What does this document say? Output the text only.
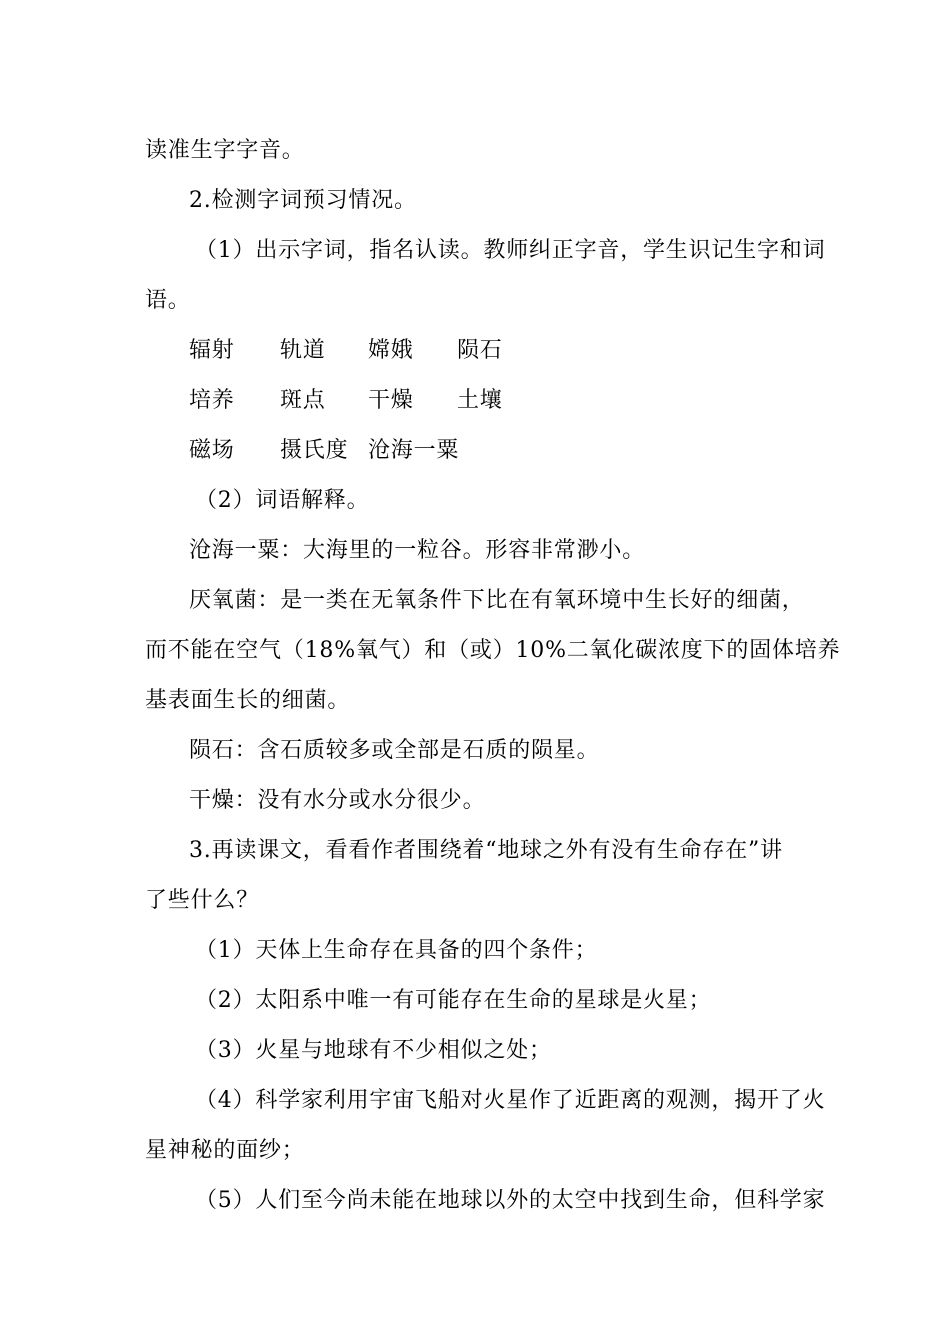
读准生字字音。
2.检测字词预习情况。
（1）出示字词，指名认读。教师纠正字音，学生识记生字和词
语。
辐射 轨道 嫦娥 陨石
培养 斑点 干燥 土壤
磁场 摄氏度 沧海一粟
（2）词语解释。
沧海一粟：大海里的一粒谷。形容非常渺小。
厌氧菌：是一类在无氧条件下比在有氧环境中生长好的细菌，
而不能在空气（18%氧气）和（或）10%二氧化碳浓度下的固体培养
基表面生长的细菌。
陨石：含石质较多或全部是石质的陨星。
干燥：没有水分或水分很少。
3.再读课文，看看作者围绕着“地球之外有没有生命存在”讲
了些什么？
（1）天体上生命存在具备的四个条件；
（2）太阳系中唯一有可能存在生命的星球是火星；
（3）火星与地球有不少相似之处；
（4）科学家利用宇宙飞船对火星作了近距离的观测，揭开了火
星神秘的面纱；
（5）人们至今尚未能在地球以外的太空中找到生命，但科学家
